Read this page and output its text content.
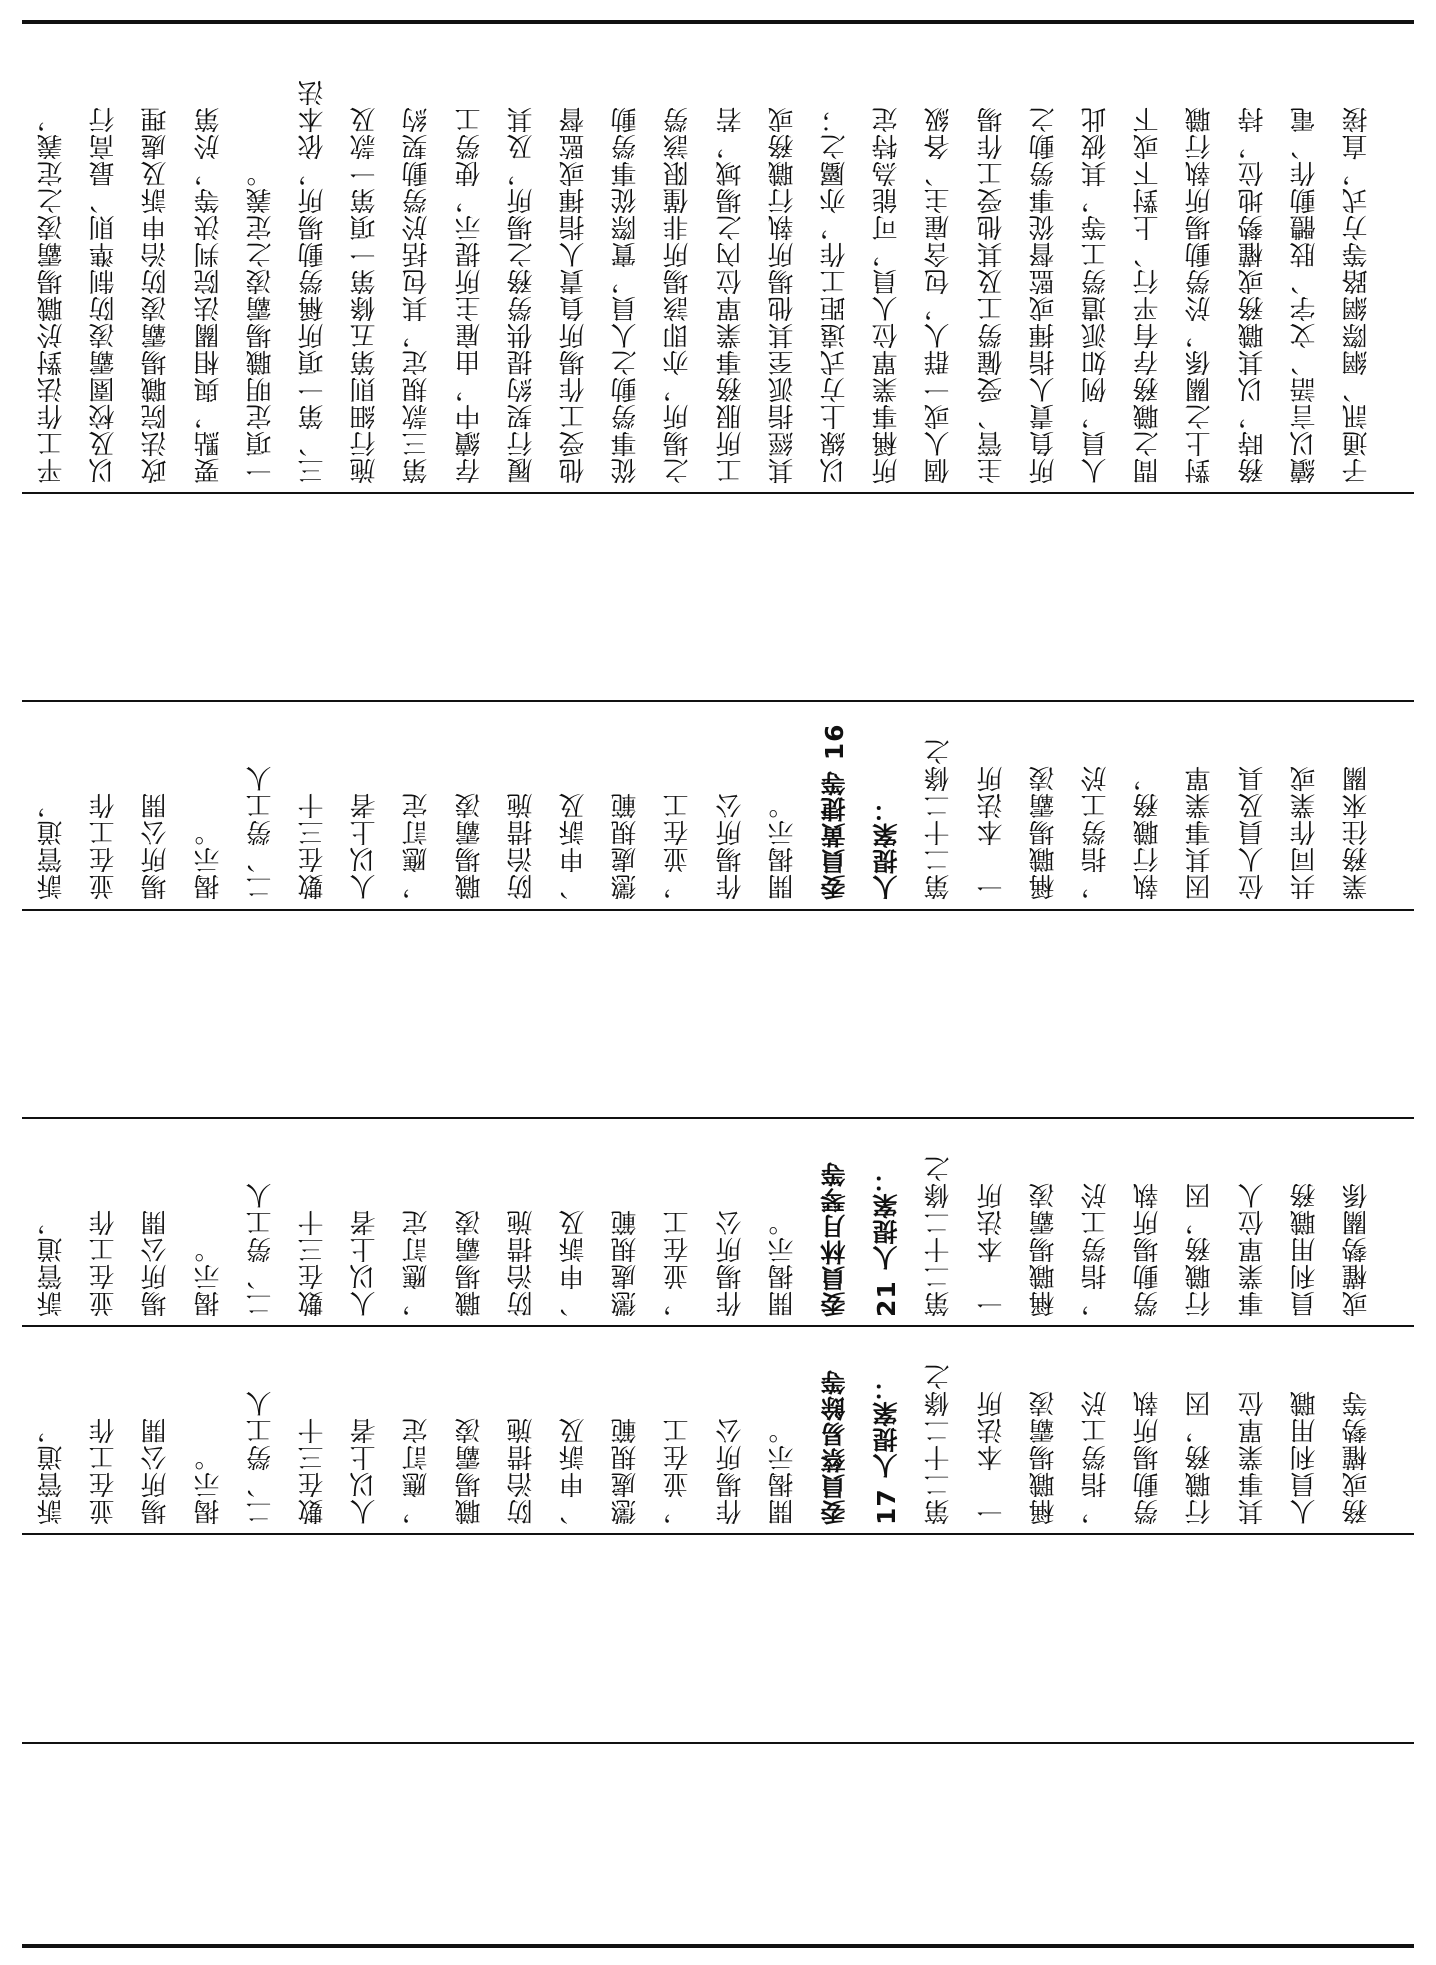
平工作法對於職場霸凌之定義， 以及校園霸凌防制準則、最高行 政法院職場霸凌防治申訴及處理 要點，與相關法院判決等，於第 一項定明職場霸凌之定義。 三、第一項所稱勞動場所，依本法 施行細則第五條第一項第一款及 第三款規定，其包括於勞動契約 存續中，由雇主所提示，使勞工 履行契約提供勞務之場所，及其 他受工作場所負責人指揮或監督 從事勞動之人員，實際從事勞動 之場所，亦即該場所非僅限該勞 工所服務事業單位內之場域，若 其經指派至其他場所執行職務或 以線上方式遠距工作，亦屬之； 所稱事業單位人員，可能為特定 個人或一群人，包含雇主、各級 主管、受僱勞工及其他受工作場 所負責人指揮或監督從事勞動之 人員，例如派遣勞工等，其彼此 間之職務存有平行、上對下或下 對上之關係，於勞動場所執行職 務時，以其職務或權勢地位，持 續以言語、文字、肢體動作、電 子通訊、網際網路等方式，直接
訴管道， 並在工作 場所公開 揭示。 二、勞工人 數在三十 人以上者 ，應訂定 職場霸凌 防治措施 、申訴及 懲處規範 ，並在工 作場所公 開揭示。 委員黃捷等 16 人提案： 第二十二條之 一　本法所 稱職場霸凌 ，指勞工於 執行職務， 因其事業單 位人員及具 共同作業或 業務往來關
訴管道， 並在工作 場所公開 揭示。 二、勞工人 數在三十 人以上者 ，應訂定 職場霸凌 防治措施 、申訴及 懲處規範 ，並在工 作場所公 開揭示。 委員林月琴等 21 人提案： 第二十二條之 一　本法所 稱職場霸凌 ，指勞工於 勞動場所執 行職務，因 事業單位人 員利用職務 或權勢關係
訴管道， 並在工作 場所公開 揭示。 二、勞工人 數在三十 人以上者 ，應訂定 職場霸凌 防治措施 、申訴及 懲處規範 ，並在工 作場所公 開揭示。 委員蔡易餘等 17 人提案： 第二十二條之 一　本法所 稱職場霸凌 ，指勞工於 勞動場所執 行職務，因 其事業單位 人員利用職 務或權勢等
